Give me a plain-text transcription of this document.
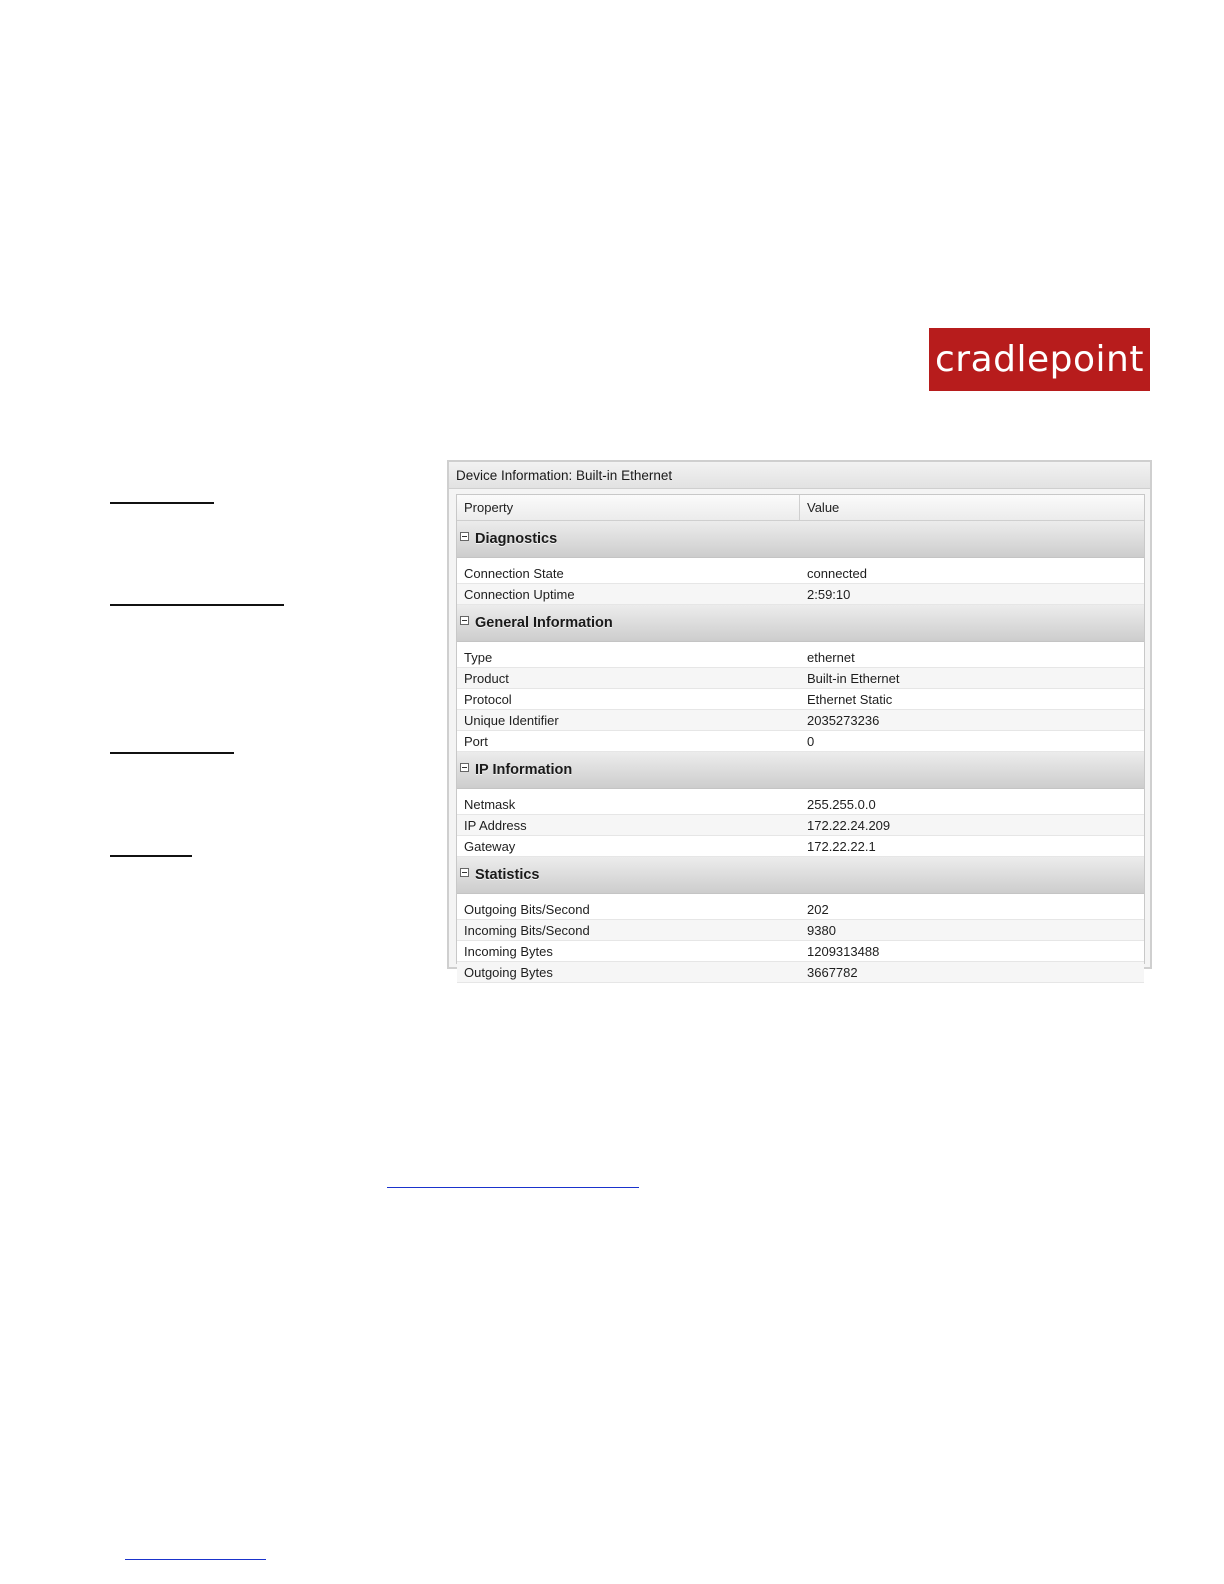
cradlepoint
Device Information: Built-in Ethernet
Property	Value
Diagnostics
Connection State	connected
Connection Uptime	2:59:10
General Information
Type	ethernet
Product	Built-in Ethernet
Protocol	Ethernet Static
Unique Identifier	2035273236
Port	0
IP Information
Netmask	255.255.0.0
IP Address	172.22.24.209
Gateway	172.22.22.1
Statistics
Outgoing Bits/Second	202
Incoming Bits/Second	9380
Incoming Bytes	1209313488
Outgoing Bytes	3667782
